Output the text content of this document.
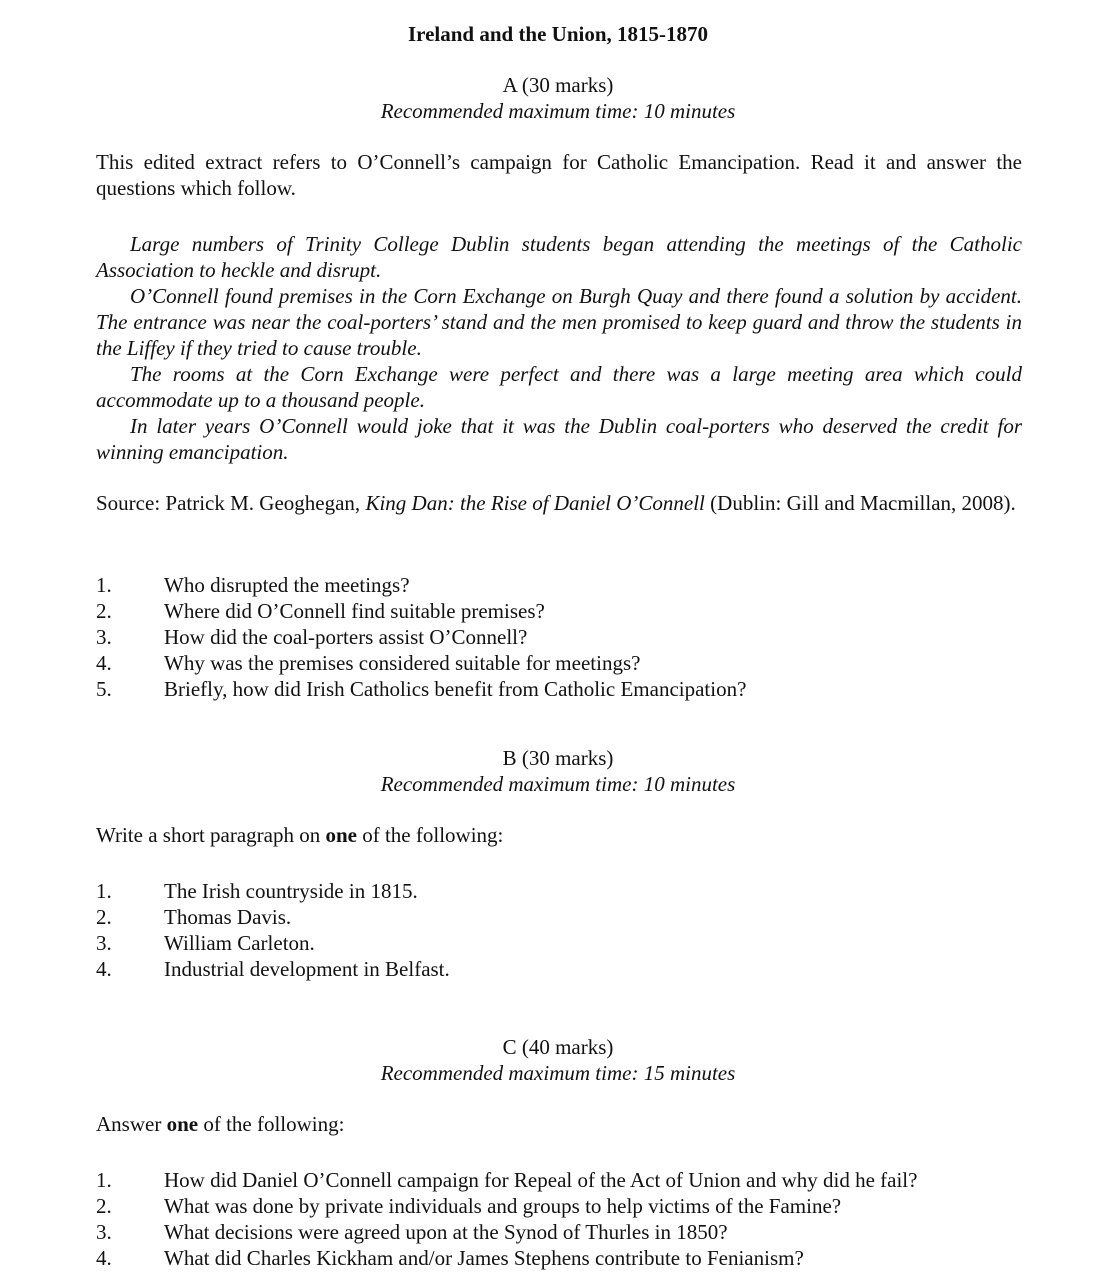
Ireland and the Union, 1815-1870
A (30 marks)
Recommended maximum time: 10 minutes
This edited extract refers to O’Connell’s campaign for Catholic Emancipation. Read it and answer the questions which follow.
Large numbers of Trinity College Dublin students began attending the meetings of the Catholic Association to heckle and disrupt.
O’Connell found premises in the Corn Exchange on Burgh Quay and there found a solution by accident. The entrance was near the coal-porters’ stand and the men promised to keep guard and throw the students in the Liffey if they tried to cause trouble.
The rooms at the Corn Exchange were perfect and there was a large meeting area which could accommodate up to a thousand people.
In later years O’Connell would joke that it was the Dublin coal-porters who deserved the credit for winning emancipation.
Source: Patrick M. Geoghegan, King Dan: the Rise of Daniel O’Connell (Dublin: Gill and Macmillan, 2008).
1.	Who disrupted the meetings?
2.	Where did O’Connell find suitable premises?
3.	How did the coal-porters assist O’Connell?
4.	Why was the premises considered suitable for meetings?
5.	Briefly, how did Irish Catholics benefit from Catholic Emancipation?
B (30 marks)
Recommended maximum time: 10 minutes
Write a short paragraph on one of the following:
1.	The Irish countryside in 1815.
2.	Thomas Davis.
3.	William Carleton.
4.	Industrial development in Belfast.
C (40 marks)
Recommended maximum time: 15 minutes
Answer one of the following:
1.	How did Daniel O’Connell campaign for Repeal of the Act of Union and why did he fail?
2.	What was done by private individuals and groups to help victims of the Famine?
3.	What decisions were agreed upon at the Synod of Thurles in 1850?
4.	What did Charles Kickham and/or James Stephens contribute to Fenianism?
